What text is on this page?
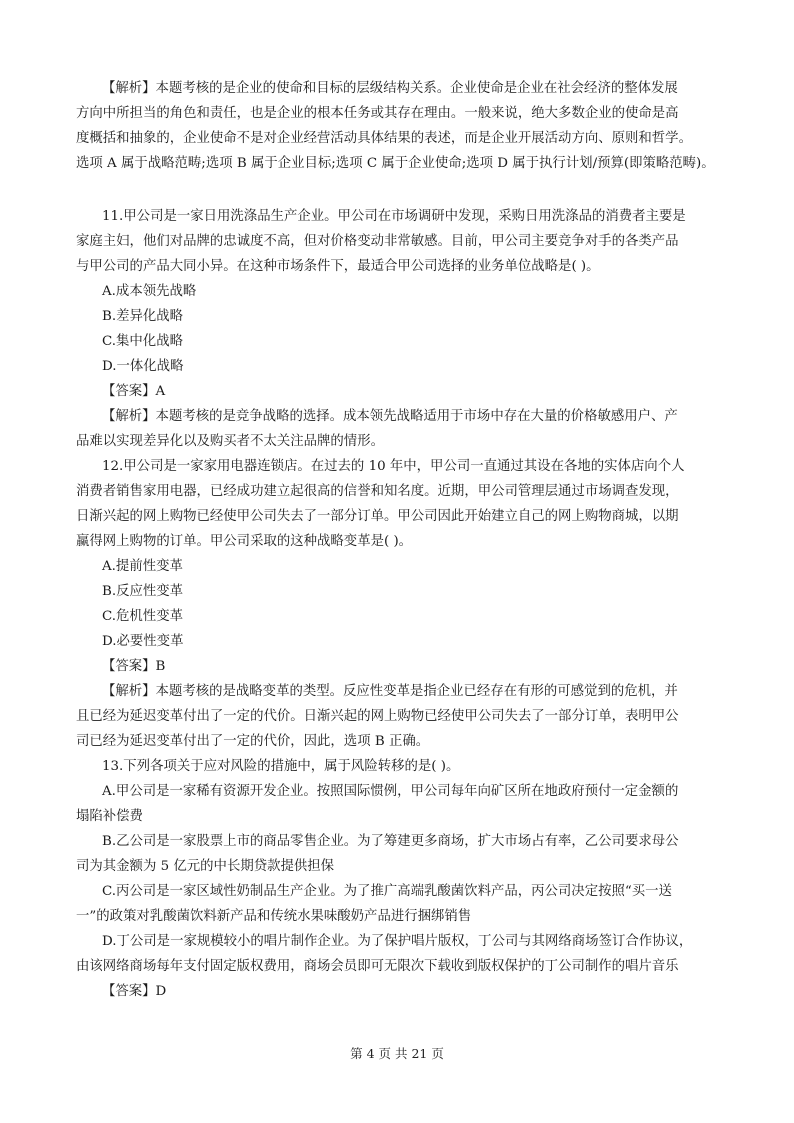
【解析】本题考核的是企业的使命和目标的层级结构关系。企业使命是企业在社会经济的整体发展
方向中所担当的角色和责任，也是企业的根本任务或其存在理由。一般来说，绝大多数企业的使命是高
度概括和抽象的，企业使命不是对企业经营活动具体结果的表述，而是企业开展活动方向、原则和哲学。
选项 A 属于战略范畴;选项 B 属于企业目标;选项 C 属于企业使命;选项 D 属于执行计划/预算(即策略范畴)。
11.甲公司是一家日用洗涤品生产企业。甲公司在市场调研中发现，采购日用洗涤品的消费者主要是
家庭主妇，他们对品牌的忠诚度不高，但对价格变动非常敏感。目前，甲公司主要竞争对手的各类产品
与甲公司的产品大同小异。在这种市场条件下，最适合甲公司选择的业务单位战略是( )。
A.成本领先战略
B.差异化战略
C.集中化战略
D.一体化战略
【答案】A
【解析】本题考核的是竞争战略的选择。成本领先战略适用于市场中存在大量的价格敏感用户、产
品难以实现差异化以及购买者不太关注品牌的情形。
12.甲公司是一家家用电器连锁店。在过去的 10 年中，甲公司一直通过其设在各地的实体店向个人
消费者销售家用电器，已经成功建立起很高的信誉和知名度。近期，甲公司管理层通过市场调查发现，
日渐兴起的网上购物已经使甲公司失去了一部分订单。甲公司因此开始建立自己的网上购物商城，以期
赢得网上购物的订单。甲公司采取的这种战略变革是( )。
A.提前性变革
B.反应性变革
C.危机性变革
D.必要性变革
【答案】B
【解析】本题考核的是战略变革的类型。反应性变革是指企业已经存在有形的可感觉到的危机，并
且已经为延迟变革付出了一定的代价。日渐兴起的网上购物已经使甲公司失去了一部分订单，表明甲公
司已经为延迟变革付出了一定的代价，因此，选项 B 正确。
13.下列各项关于应对风险的措施中，属于风险转移的是( )。
A.甲公司是一家稀有资源开发企业。按照国际惯例，甲公司每年向矿区所在地政府预付一定金额的
塌陷补偿费
B.乙公司是一家股票上市的商品零售企业。为了筹建更多商场，扩大市场占有率，乙公司要求母公
司为其金额为 5 亿元的中长期贷款提供担保
C.丙公司是一家区域性奶制品生产企业。为了推广高端乳酸菌饮料产品，丙公司决定按照“买一送
一”的政策对乳酸菌饮料新产品和传统水果味酸奶产品进行捆绑销售
D.丁公司是一家规模较小的唱片制作企业。为了保护唱片版权，丁公司与其网络商场签订合作协议，
由该网络商场每年支付固定版权费用，商场会员即可无限次下载收到版权保护的丁公司制作的唱片音乐
【答案】D
第 4 页 共 21 页
